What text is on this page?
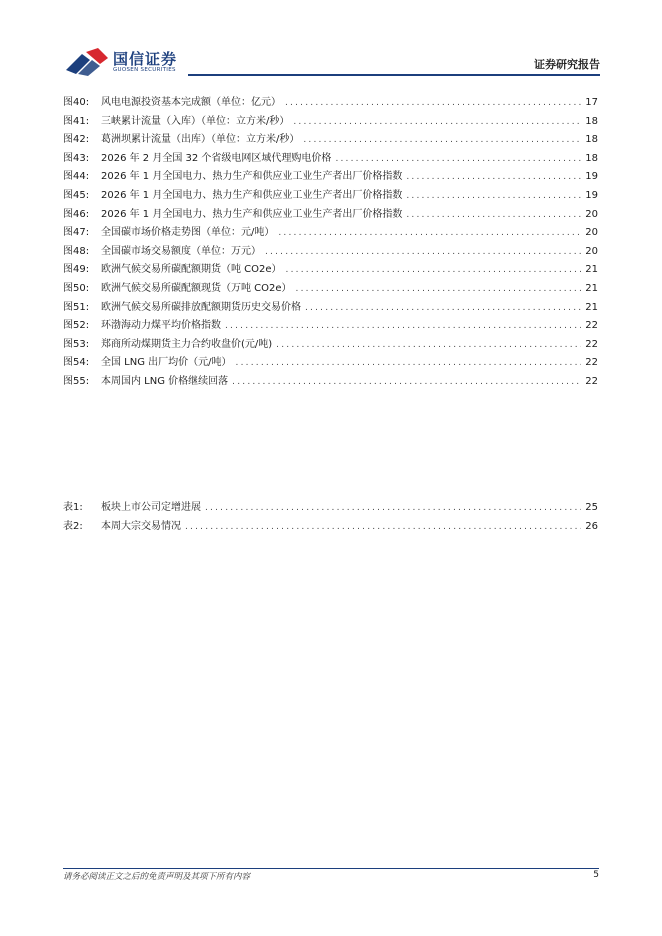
国信证券
GUOSEN SECURITIES	证券研究报告
图40:	风电电源投资基本完成额（单位：亿元） .....	17
图41:	三峡累计流量（入库）（单位：立方米/秒） .....	18
图42:	葛洲坝累计流量（出库）（单位：立方米/秒） .....	18
图43:	2026 年 2 月全国 32 个省级电网区域代理购电价格 .....	18
图44:	2026 年 1 月全国电力、热力生产和供应业工业生产者出厂价格指数 .....	19
图45:	2026 年 1 月全国电力、热力生产和供应业工业生产者出厂价格指数 .....	19
图46:	2026 年 1 月全国电力、热力生产和供应业工业生产者出厂价格指数 .....	20
图47:	全国碳市场价格走势图（单位：元/吨） .....	20
图48:	全国碳市场交易额度（单位：万元） .....	20
图49:	欧洲气候交易所碳配额期货（吨 CO2e） .....	21
图50:	欧洲气候交易所碳配额现货（万吨 CO2e） .....	21
图51:	欧洲气候交易所碳排放配额期货历史交易价格 .....	21
图52:	环渤海动力煤平均价格指数 .....	22
图53:	郑商所动煤期货主力合约收盘价(元/吨) .....	22
图54:	全国 LNG 出厂均价（元/吨） .....	22
图55:	本周国内 LNG 价格继续回落 .....	22
表1:	板块上市公司定增进展 .....	25
表2:	本周大宗交易情况 .....	26
请务必阅读正文之后的免责声明及其项下所有内容	5
